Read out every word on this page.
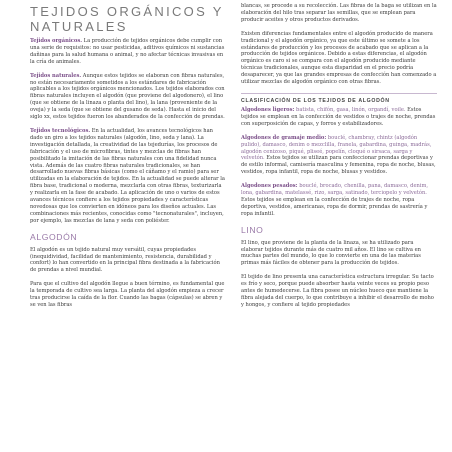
TEJIDOS ORGÁNICOS Y NATURALES

Tejidos orgánicos. La producción de tejidos orgánicos debe cumplir con una serie de requisitos: no usar pesticidas, aditivos químicos ni sustancias dañinas para la salud humana o animal, y no afectar técnicas invasivas en la cría de animales.

Tejidos naturales. Aunque estos tejidos se elaboran con fibras naturales, no están necesariamente sometidos a los estándares de fabricación aplicables a los tejidos orgánicos mencionados. Los tejidos elaborados con fibras naturales incluyen el algodón (que proviene del algodonero), el lino (que se obtiene de la linaza o planta del lino), la lana (proveniente de la oveja) y la seda (que se obtiene del gusano de seda). Hasta el inicio del siglo xx, estos tejidos fueron los abanderados de la confección de prendas.

Tejidos tecnológicos. En la actualidad, los avances tecnológicos han dado un giro a los tejidos naturales (algodón, lino, seda y lana). La investigación detallada, la creatividad de las tejedurías, los procesos de fabricación y el uso de microfibras, tintes y mezclas de fibras han posibilitado la imitación de las fibras naturales con una fidelidad nunca vista. Además de las cuatro fibras naturales tradicionales, se han desarrollado nuevas fibras básicas (como el cáñamo y el ramio) para ser utilizadas en la elaboración de tejidos. En la actualidad se puede alterar la fibra base, tradicional o moderna, mezclarla con otras fibras, texturizarla y realizarla en la fase de acabado. La aplicación de uno o varios de estos avances técnicos confiere a los tejidos propiedades y características novedosas que los convierten en idóneos para los diseños actuales. Las combinaciones más recientes, conocidas como "tecnonaturales", incluyen, por ejemplo, las mezclas de lana y seda con poliéster.

ALGODÓN

El algodón es un tejido natural muy versátil, cuyas propiedades (inequidividad, facilidad de mantenimiento, resistencia, durabilidad y confort) lo han convertido en la principal fibra destinada a la fabricación de prendas a nivel mundial.

Para que el cultivo del algodón llegue a buen término, es fundamental que la temporada de cultivo sea larga. La planta del algodón empieza a crecer tras producirse la caída de la flor. Cuando las bagas (cápsulas) se abren y se ven las fibras

blancas, se procede a su recolección. Las fibras de la baga se utilizan en la elaboración del hilo tras separar las semillas, que se emplean para producir aceites y otros productos derivados.

Existen diferencias fundamentales entre el algodón producido de manera tradicional y el algodón orgánico, ya que este último se somete a los estándares de producción y los procesos de acabado que se aplican a la producción de tejidos orgánicos. Debido a estas diferencias, el algodón orgánico es caro si se compara con el algodón producido mediante técnicas tradicionales, aunque esta disparidad en el precio podría desaparecer, ya que las grandes empresas de confección han comenzado a utilizar mezclas de algodón orgánico con otras fibras.

CLASIFICACIÓN DE LOS TEJIDOS DE ALGODÓN

Algodones ligeros: batista, chifón, gasa, linón, organdí, voile. Estos tejidos se emplean en la confección de vestidos o trajes de noche, prendas con superposición de capas, y forros y estabilizadores.

Algodones de gramaje medio: bouclé, chambray, chintz (algodón pulido), damasco, denim o mezclilla, franela, gabardina, guinga, madrás, algodón cenizoso, piqué, pliseé, popelín, cloqué o sirsaca, sarga y velvetón. Estos tejidos se utilizan para confeccionar prendas deportivas y de estilo informal, camisería masculina y femenina, ropa de noche, blusas, vestidos, ropa infantil, ropa de noche, blusas y vestidos.

Algodones pesados: bouclé, brocado, chenilla, pana, damasco, denim, lona, gabardina, matelassé, rizo, sarga, satinado, terciopelo y velvetón. Estos tejidos se emplean en la confección de trajes de noche, ropa deportiva, vestidos, americanas, ropa de dormir, prendas de sastrería y ropa infantil.

LINO

El lino, que proviene de la planta de la linaza, se ha utilizado para elaborar tejidos durante más de cuatro mil años. El lino se cultiva en muchas partes del mundo, lo que lo convierte en una de las materias primas más fáciles de obtener para la producción de tejidos.

El tejido de lino presenta una característica estructura irregular. Su tacto es frío y seco, porque puede absorber hasta veinte veces su propio peso antes de humedecerse. La fibra posee un núcleo hueco que mantiene la fibra alejada del cuerpo, lo que contribuye a inhibir el desarrollo de moho y hongos, y confiere al tejido propiedades
